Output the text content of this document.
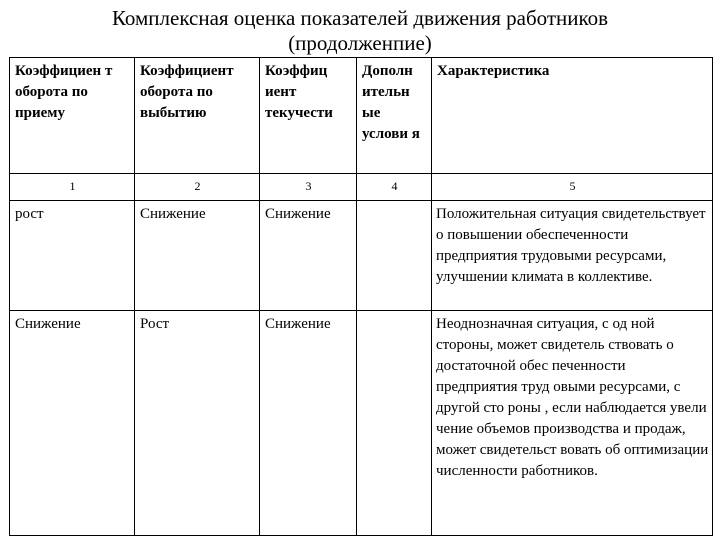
Комплексная оценка показателей движения работников
(продолженпие)
Коэффициен т оборота по приему	Коэффициент оборота по выбытию	Коэффиц иент текучести	Дополн ительн ые услови я	Характеристика
1	2	3	4	5
рост	Снижение	Снижение		Положительная ситуация свидетельствует о повышении обеспеченности предприятия трудовыми ресурсами, улучшении климата в коллективе.
Снижение	Рост	Снижение		Неоднозначная ситуация, с од ной стороны, может свидетель ствовать о достаточной обес печенности предприятия труд овыми ресурсами, с другой сто роны , если наблюдается увели чение объемов производства и продаж, может свидетельст вовать об оптимизации численности работников.
